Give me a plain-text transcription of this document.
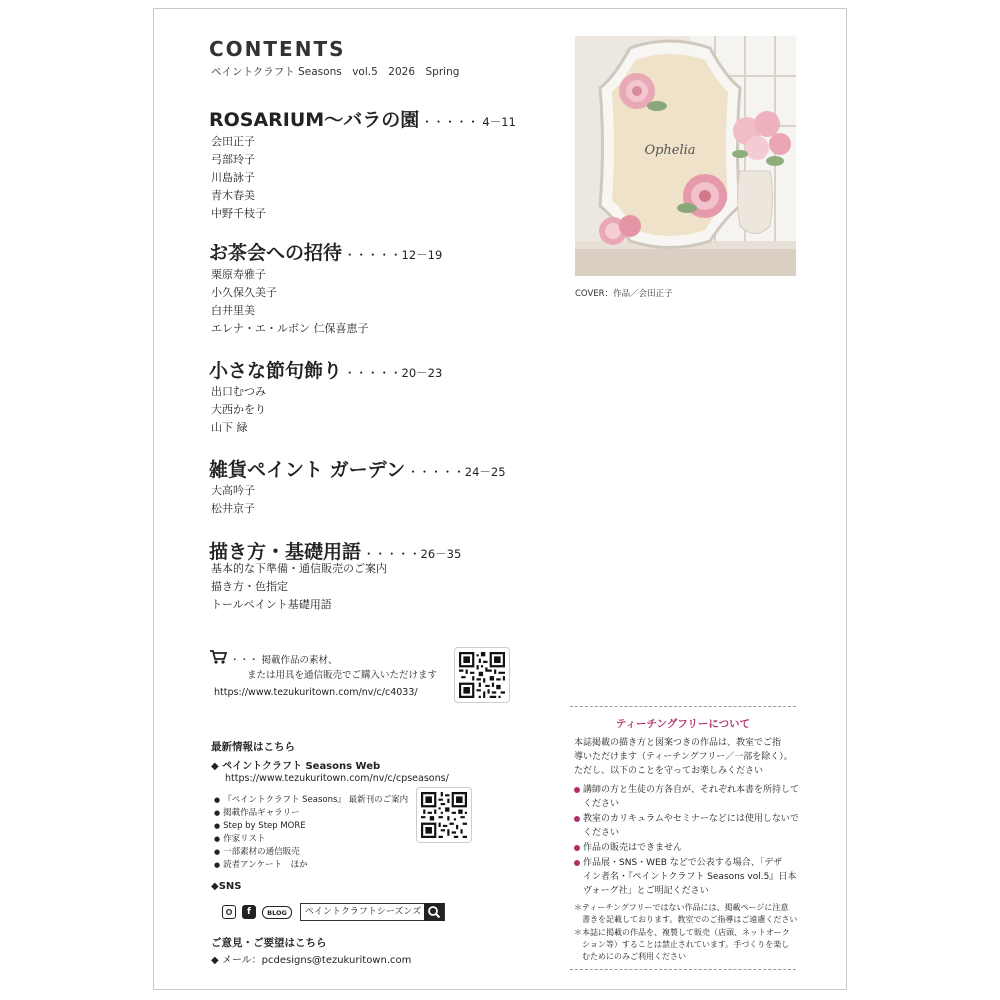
CONTENTS
ペイントクラフト Seasons　vol.5　2026　Spring
ROSARIUM～バラの園 ・・・・・ 4－11
会田正子
弓部玲子
川島詠子
青木春美
中野千枝子
お茶会への招待 ・・・・・12－19
栗原寿雅子
小久保久美子
白井里美
エレナ・エ・ルボン 仁保喜恵子
小さな節句飾り ・・・・・20－23
出口むつみ
大西かをり
山下 緑
雑貨ペイント ガーデン ・・・・・24－25
大高吟子
松井京子
描き方・基礎用語 ・・・・・26－35
基本的な下準備・通信販売のご案内
描き方・色指定
トールペイント基礎用語
Ophelia
COVER：作品／会田正子
・・・ 掲載作品の素材、
または用具を通信販売でご購入いただけます
https://www.tezukuritown.com/nv/c/c4033/
最新情報はこちら
◆ ペイントクラフト Seasons Web
https://www.tezukuritown.com/nv/c/cpseasons/
● 『ペイントクラフト Seasons』 最新刊のご案内
● 掲載作品ギャラリー
● Step by Step MORE
● 作家リスト
● 一部素材の通信販売
● 読者アンケート　ほか
◆SNS
f	BLOG	ペイントクラフトシーズンズ
ご意見・ご要望はこちら
◆ メール：pcdesigns@tezukuritown.com
ティーチングフリーについて
本誌掲載の描き方と図案つきの作品は、教室でご指
導いただけます（ティーチングフリー／一部を除く）。
ただし、以下のことを守ってお楽しみください
講師の方と生徒の方各自が、それぞれ本書を所持して
ください
教室のカリキュラムやセミナーなどには使用しないで
ください
作品の販売はできません
作品展・SNS・WEB などで公表する場合、「デザ
イン者名・『ペイントクラフト Seasons vol.5』日本
ヴォーグ社」とご明記ください
＊ティーチングフリーではない作品には、掲載ページに注意
　書きを記載しております。教室でのご指導はご遠慮ください
＊本誌に掲載の作品を、複製して販売（店頭、ネットオーク
　ション等）することは禁止されています。手づくりを楽し
　むためにのみご利用ください
